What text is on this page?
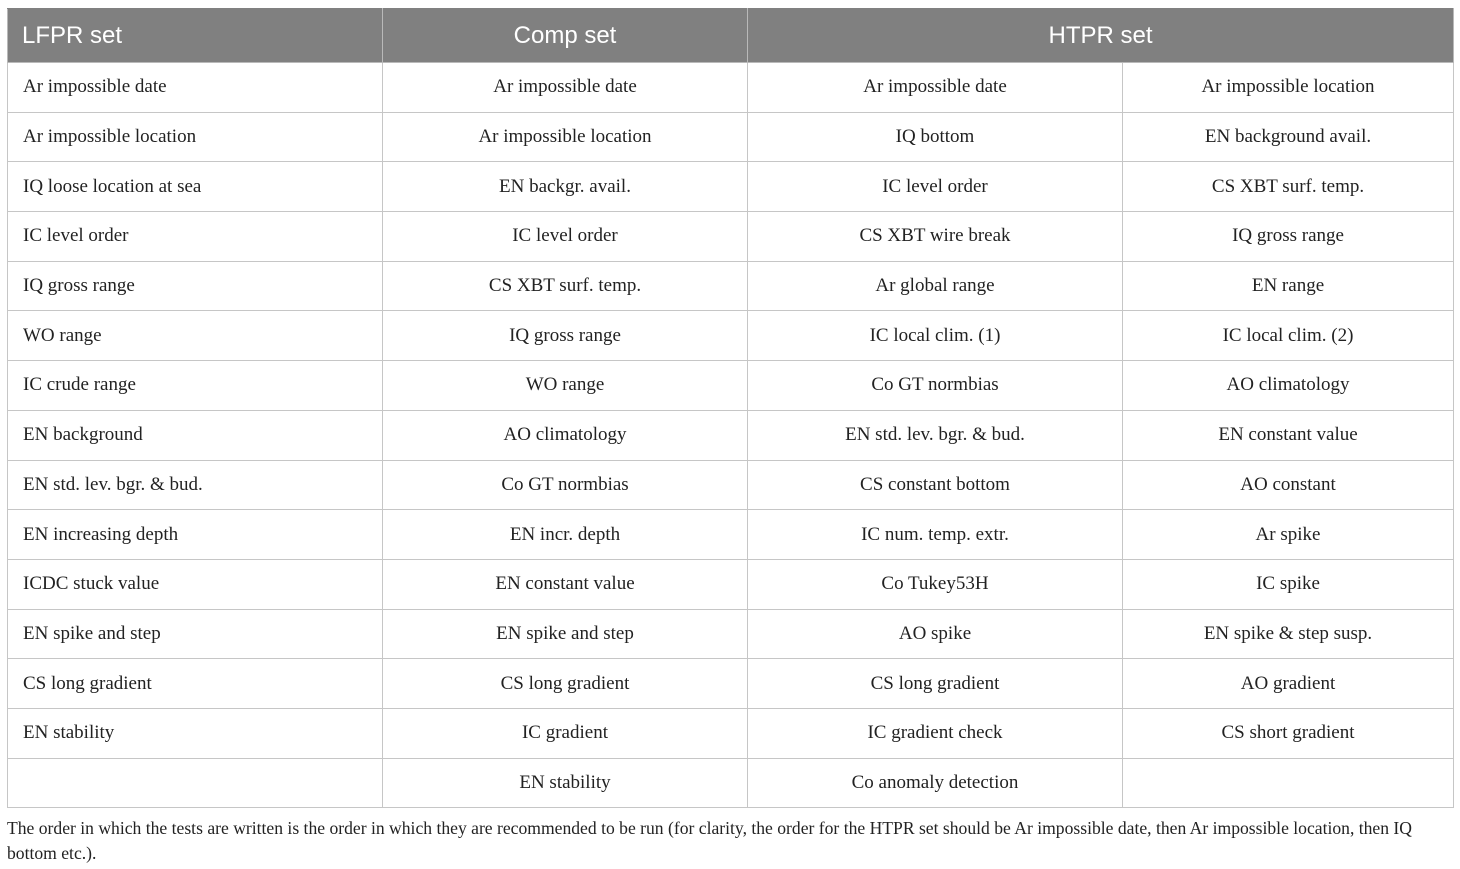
LFPR set	Comp set	HTPR set	
Ar impossible date	Ar impossible date	Ar impossible date	Ar impossible location
Ar impossible location	Ar impossible location	IQ bottom	EN background avail.
IQ loose location at sea	EN backgr. avail.	IC level order	CS XBT surf. temp.
IC level order	IC level order	CS XBT wire break	IQ gross range
IQ gross range	CS XBT surf. temp.	Ar global range	EN range
WO range	IQ gross range	IC local clim. (1)	IC local clim. (2)
IC crude range	WO range	Co GT normbias	AO climatology
EN background	AO climatology	EN std. lev. bgr. & bud.	EN constant value
EN std. lev. bgr. & bud.	Co GT normbias	CS constant bottom	AO constant
EN increasing depth	EN incr. depth	IC num. temp. extr.	Ar spike
ICDC stuck value	EN constant value	Co Tukey53H	IC spike
EN spike and step	EN spike and step	AO spike	EN spike & step susp.
CS long gradient	CS long gradient	CS long gradient	AO gradient
EN stability	IC gradient	IC gradient check	CS short gradient
	EN stability	Co anomaly detection	
The order in which the tests are written is the order in which they are recommended to be run (for clarity, the order for the HTPR set should be Ar impossible date, then Ar impossible location, then IQ bottom etc.).
